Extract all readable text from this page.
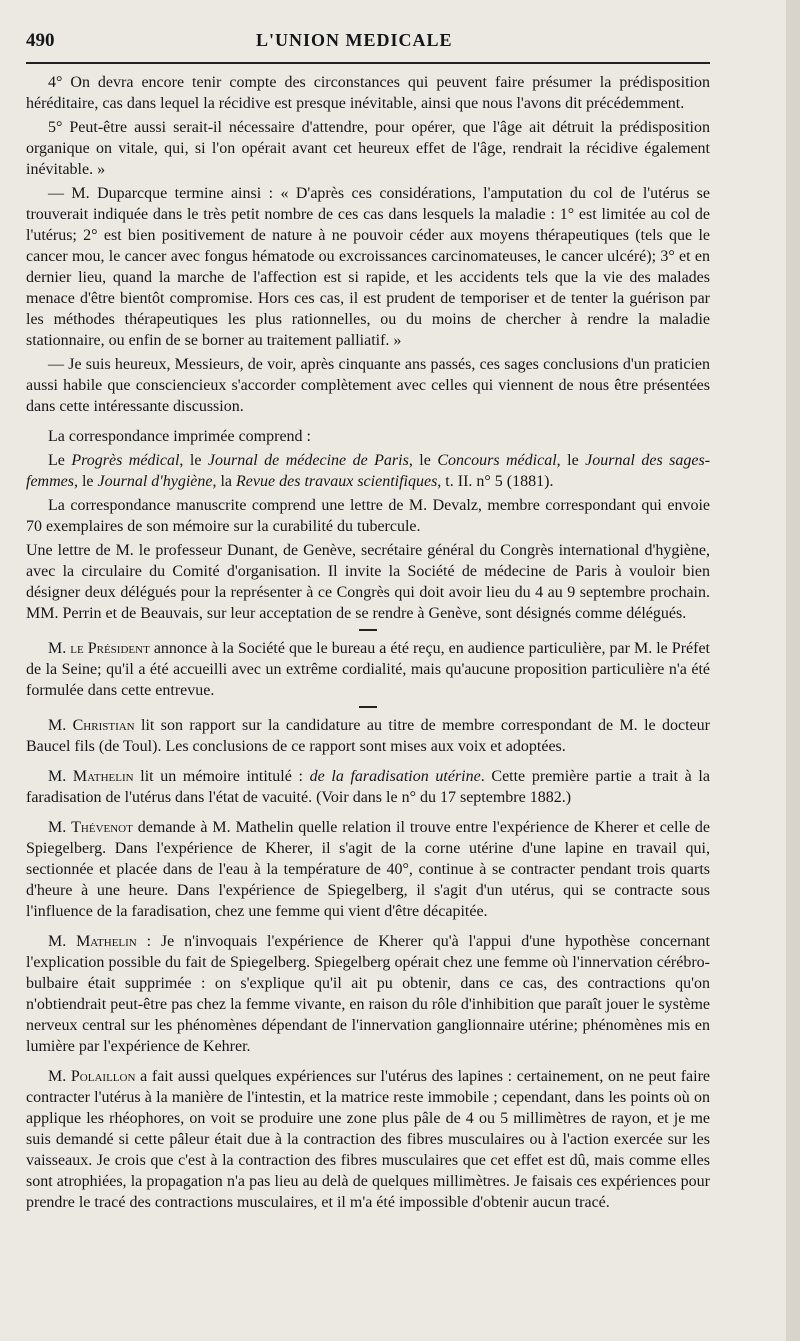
490	L'UNION MEDICALE

4° On devra encore tenir compte des circonstances qui peuvent faire présumer la prédisposition héréditaire, cas dans lequel la récidive est presque inévitable, ainsi que nous l'avons dit précédemment.

5° Peut-être aussi serait-il nécessaire d'attendre, pour opérer, que l'âge ait détruit la prédisposition organique on vitale, qui, si l'on opérait avant cet heureux effet de l'âge, rendrait la récidive également inévitable. »

— M. Duparcque termine ainsi : « D'après ces considérations, l'amputation du col de l'utérus se trouverait indiquée dans le très petit nombre de ces cas dans lesquels la maladie : 1° est limitée au col de l'utérus; 2° est bien positivement de nature à ne pouvoir céder aux moyens thérapeutiques (tels que le cancer mou, le cancer avec fongus hématode ou excroissances carcinomateuses, le cancer ulcéré); 3° et en dernier lieu, quand la marche de l'affection est si rapide, et les accidents tels que la vie des malades menace d'être bientôt compromise. Hors ces cas, il est prudent de temporiser et de tenter la guérison par les méthodes thérapeutiques les plus rationnelles, ou du moins de chercher à rendre la maladie stationnaire, ou enfin de se borner au traitement palliatif. »

— Je suis heureux, Messieurs, de voir, après cinquante ans passés, ces sages conclusions d'un praticien aussi habile que consciencieux s'accorder complètement avec celles qui viennent de nous être présentées dans cette intéressante discussion.

La correspondance imprimée comprend :

Le Progrès médical, le Journal de médecine de Paris, le Concours médical, le Journal des sages-femmes, le Journal d'hygiène, la Revue des travaux scientifiques, t. II. n° 5 (1881).

La correspondance manuscrite comprend une lettre de M. Devalz, membre correspondant qui envoie 70 exemplaires de son mémoire sur la curabilité du tubercule.

Une lettre de M. le professeur Dunant, de Genève, secrétaire général du Congrès international d'hygiène, avec la circulaire du Comité d'organisation. Il invite la Société de médecine de Paris à vouloir bien désigner deux délégués pour la représenter à ce Congrès qui doit avoir lieu du 4 au 9 septembre prochain. MM. Perrin et de Beauvais, sur leur acceptation de se rendre à Genève, sont désignés comme délégués.

M. le Président annonce à la Société que le bureau a été reçu, en audience particulière, par M. le Préfet de la Seine; qu'il a été accueilli avec un extrême cordialité, mais qu'aucune proposition particulière n'a été formulée dans cette entrevue.

M. Christian lit son rapport sur la candidature au titre de membre correspondant de M. le docteur Baucel fils (de Toul). Les conclusions de ce rapport sont mises aux voix et adoptées.

M. Mathelin lit un mémoire intitulé : de la faradisation utérine. Cette première partie a trait à la faradisation de l'utérus dans l'état de vacuité. (Voir dans le n° du 17 septembre 1882.)

M. Thévenot demande à M. Mathelin quelle relation il trouve entre l'expérience de Kherer et celle de Spiegelberg. Dans l'expérience de Kherer, il s'agit de la corne utérine d'une lapine en travail qui, sectionnée et placée dans de l'eau à la température de 40°, continue à se contracter pendant trois quarts d'heure à une heure. Dans l'expérience de Spiegelberg, il s'agit d'un utérus, qui se contracte sous l'influence de la faradisation, chez une femme qui vient d'être décapitée.

M. Mathelin : Je n'invoquais l'expérience de Kherer qu'à l'appui d'une hypothèse concernant l'explication possible du fait de Spiegelberg. Spiegelberg opérait chez une femme où l'innervation cérébro-bulbaire était supprimée : on s'explique qu'il ait pu obtenir, dans ce cas, des contractions qu'on n'obtiendrait peut-être pas chez la femme vivante, en raison du rôle d'inhibition que paraît jouer le système nerveux central sur les phénomènes dépendant de l'innervation ganglionnaire utérine; phénomènes mis en lumière par l'expérience de Kehrer.

M. Polaillon a fait aussi quelques expériences sur l'utérus des lapines : certainement, on ne peut faire contracter l'utérus à la manière de l'intestin, et la matrice reste immobile ; cependant, dans les points où on applique les rhéophores, on voit se produire une zone plus pâle de 4 ou 5 millimètres de rayon, et je me suis demandé si cette pâleur était due à la contraction des fibres musculaires ou à l'action exercée sur les vaisseaux. Je crois que c'est à la contraction des fibres musculaires que cet effet est dû, mais comme elles sont atrophiées, la propagation n'a pas lieu au delà de quelques millimètres. Je faisais ces expériences pour prendre le tracé des contractions musculaires, et il m'a été impossible d'obtenir aucun tracé.
